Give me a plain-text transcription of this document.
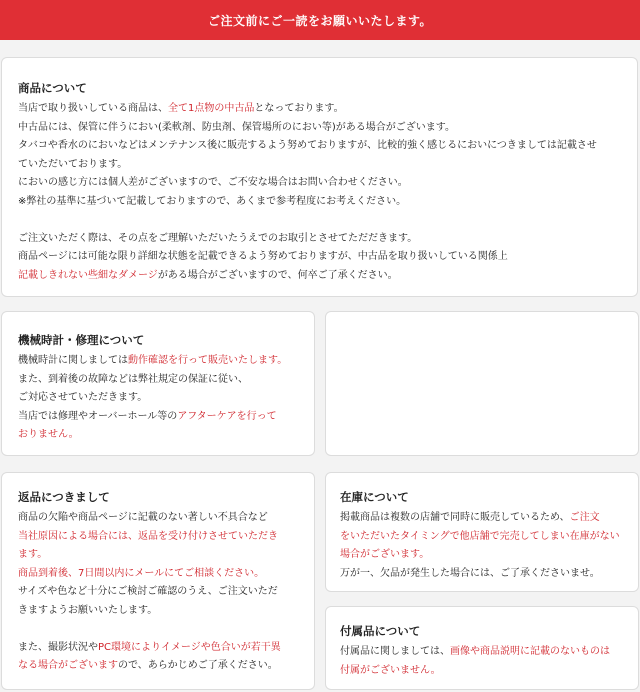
ご注文前にご一読をお願いいたします。
商品について

当店で取り扱いしている商品は、全て1点物の中古品となっております。

中古品には、保管に伴うにおい(柔軟剤、防虫剤、保管場所のにおい等)がある場合がございます。

タバコや香水のにおいなどはメンテナンス後に販売するよう努めておりますが、比較的強く感じるにおいにつきましては記載させ

ていただいております。

においの感じ方には個人差がございますので、ご不安な場合はお問い合わせください。

※弊社の基準に基づいて記載しておりますので、あくまで参考程度にお考えください。

ご注文いただく際は、その点をご理解いただいたうえでのお取引とさせてただだきます。

商品ページには可能な限り詳細な状態を記載できるよう努めておりますが、中古品を取り扱いしている関係上

記載しきれない些細なダメージがある場合がございますので、何卒ご了承ください。

機械時計・修理について

機械時計に関しましては動作確認を行って販売いたします。

また、到着後の故障などは弊社規定の保証に従い、

ご対応させていただきます。

当店では修理やオーバーホール等のアフターケアを行って

おりません。

返品につきまして

商品の欠陥や商品ページに記載のない著しい不具合など

当社原因による場合には、返品を受け付けさせていただき

ます。

商品到着後、7日間以内にメールにてご相談ください。

サイズや色など十分にご検討ご確認のうえ、ご注文いただ

きますようお願いいたします。

また、撮影状況やPC環境によりイメージや色合いが若干異

なる場合がございますので、あらかじめご了承ください。

在庫について

掲載商品は複数の店舗で同時に販売しているため、ご注文

をいただいたタイミングで他店舗で完売してしまい在庫がない

場合がございます。

万が一、欠品が発生した場合には、ご了承くださいませ。

付属品について

付属品に関しましては、画像や商品説明に記載のないものは

付属がございません。
